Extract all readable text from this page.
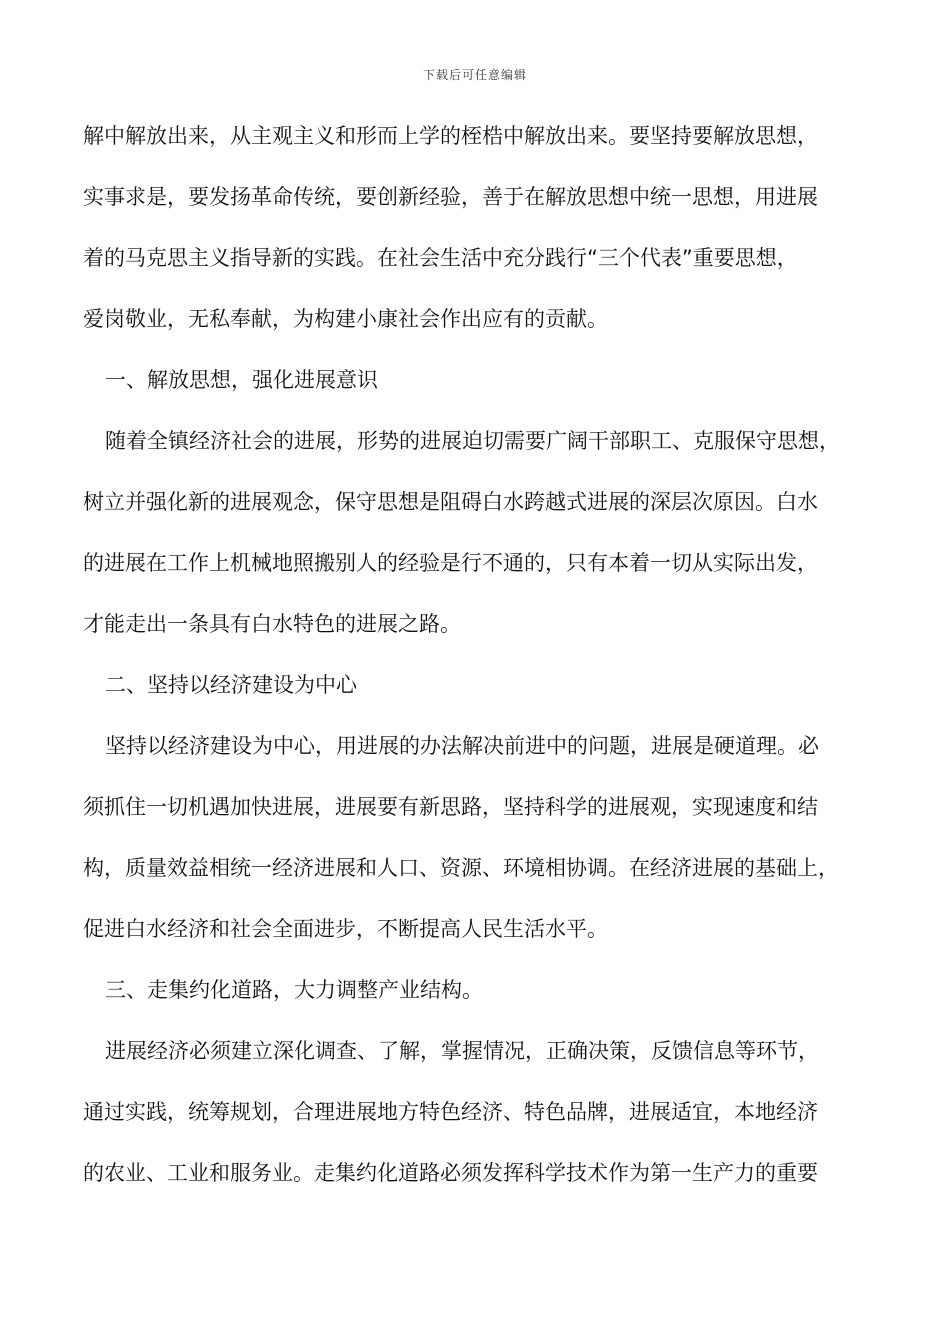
下载后可任意编辑
解中解放出来，从主观主义和形而上学的桎梏中解放出来。要坚持要解放思想，
实事求是，要发扬革命传统，要创新经验，善于在解放思想中统一思想，用进展
着的马克思主义指导新的实践。在社会生活中充分践行“三个代表”重要思想，
爱岗敬业，无私奉献，为构建小康社会作出应有的贡献。
一、解放思想，强化进展意识
随着全镇经济社会的进展，形势的进展迫切需要广阔干部职工、克服保守思想，
树立并强化新的进展观念，保守思想是阻碍白水跨越式进展的深层次原因。白水
的进展在工作上机械地照搬别人的经验是行不通的，只有本着一切从实际出发，
才能走出一条具有白水特色的进展之路。
二、坚持以经济建设为中心
坚持以经济建设为中心，用进展的办法解决前进中的问题，进展是硬道理。必
须抓住一切机遇加快进展，进展要有新思路，坚持科学的进展观，实现速度和结
构，质量效益相统一经济进展和人口、资源、环境相协调。在经济进展的基础上，
促进白水经济和社会全面进步，不断提高人民生活水平。
三、走集约化道路，大力调整产业结构。
进展经济必须建立深化调查、了解，掌握情况，正确决策，反馈信息等环节，
通过实践，统筹规划，合理进展地方特色经济、特色品牌，进展适宜，本地经济
的农业、工业和服务业。走集约化道路必须发挥科学技术作为第一生产力的重要
